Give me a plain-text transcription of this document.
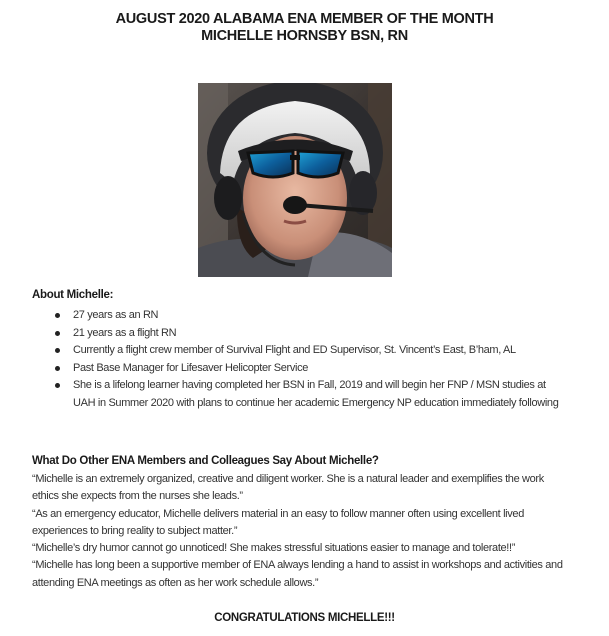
AUGUST 2020 ALABAMA ENA MEMBER OF THE MONTH
MICHELLE HORNSBY BSN, RN
About Michelle:
27 years as an RN
21 years as a flight RN
Currently a flight crew member of Survival Flight and ED Supervisor, St. Vincent’s East, B’ham, AL
Past Base Manager for Lifesaver Helicopter Service
She is a lifelong learner having completed her BSN in Fall, 2019 and will begin her FNP / MSN studies at UAH in Summer 2020 with plans to continue her academic Emergency NP education immediately following
What Do Other ENA Members and Colleagues Say About Michelle?

“Michelle is an extremely organized, creative and diligent worker. She is a natural leader and exemplifies the work ethics she expects from the nurses she leads.”

“As an emergency educator, Michelle delivers material in an easy to follow manner often using excellent lived experiences to bring reality to subject matter.”

“Michelle’s dry humor cannot go unnoticed! She makes stressful situations easier to manage and tolerate!!”

“Michelle has long been a supportive member of ENA always lending a hand to assist in workshops and activities and attending ENA meetings as often as her work schedule allows.”

CONGRATULATIONS MICHELLE!!!
